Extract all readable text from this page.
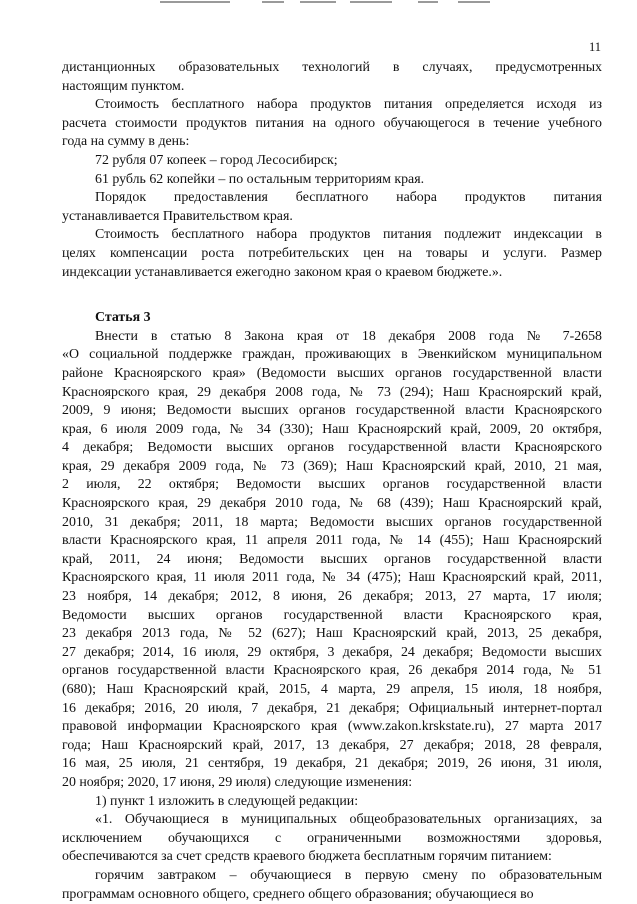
11
дистанционных образовательных технологий в случаях, предусмотренных
настоящим пунктом.
Стоимость бесплатного набора продуктов питания определяется исходя из
расчета стоимости продуктов питания на одного обучающегося в течение учебного
года на сумму в день:
72 рубля 07 копеек – город Лесосибирск;
61 рубль 62 копейки – по остальным территориям края.
Порядок предоставления бесплатного набора продуктов питания
устанавливается Правительством края.
Стоимость бесплатного набора продуктов питания подлежит индексации в
целях компенсации роста потребительских цен на товары и услуги. Размер
индексации устанавливается ежегодно законом края о краевом бюджете.».
Статья 3
Внести в статью 8 Закона края от 18 декабря 2008 года № 7-2658
«О социальной поддержке граждан, проживающих в Эвенкийском муниципальном
районе Красноярского края» (Ведомости высших органов государственной власти
Красноярского края, 29 декабря 2008 года, № 73 (294); Наш Красноярский край,
2009, 9 июня; Ведомости высших органов государственной власти Красноярского
края, 6 июля 2009 года, № 34 (330); Наш Красноярский край, 2009, 20 октября,
4 декабря; Ведомости высших органов государственной власти Красноярского
края, 29 декабря 2009 года, № 73 (369); Наш Красноярский край, 2010, 21 мая,
2 июля, 22 октября; Ведомости высших органов государственной власти
Красноярского края, 29 декабря 2010 года, № 68 (439); Наш Красноярский край,
2010, 31 декабря; 2011, 18 марта; Ведомости высших органов государственной
власти Красноярского края, 11 апреля 2011 года, № 14 (455); Наш Красноярский
край, 2011, 24 июня; Ведомости высших органов государственной власти
Красноярского края, 11 июля 2011 года, № 34 (475); Наш Красноярский край, 2011,
23 ноября, 14 декабря; 2012, 8 июня, 26 декабря; 2013, 27 марта, 17 июля;
Ведомости высших органов государственной власти Красноярского края,
23 декабря 2013 года, № 52 (627); Наш Красноярский край, 2013, 25 декабря,
27 декабря; 2014, 16 июля, 29 октября, 3 декабря, 24 декабря; Ведомости высших
органов государственной власти Красноярского края, 26 декабря 2014 года, № 51
(680); Наш Красноярский край, 2015, 4 марта, 29 апреля, 15 июля, 18 ноября,
16 декабря; 2016, 20 июля, 7 декабря, 21 декабря; Официальный интернет-портал
правовой информации Красноярского края (www.zakon.krskstate.ru), 27 марта 2017
года; Наш Красноярский край, 2017, 13 декабря, 27 декабря; 2018, 28 февраля,
16 мая, 25 июля, 21 сентября, 19 декабря, 21 декабря; 2019, 26 июня, 31 июля,
20 ноября; 2020, 17 июня, 29 июля) следующие изменения:
1) пункт 1 изложить в следующей редакции:
«1. Обучающиеся в муниципальных общеобразовательных организациях, за
исключением обучающихся с ограниченными возможностями здоровья,
обеспечиваются за счет средств краевого бюджета бесплатным горячим питанием:
горячим завтраком – обучающиеся в первую смену по образовательным
программам основного общего, среднего общего образования; обучающиеся во
